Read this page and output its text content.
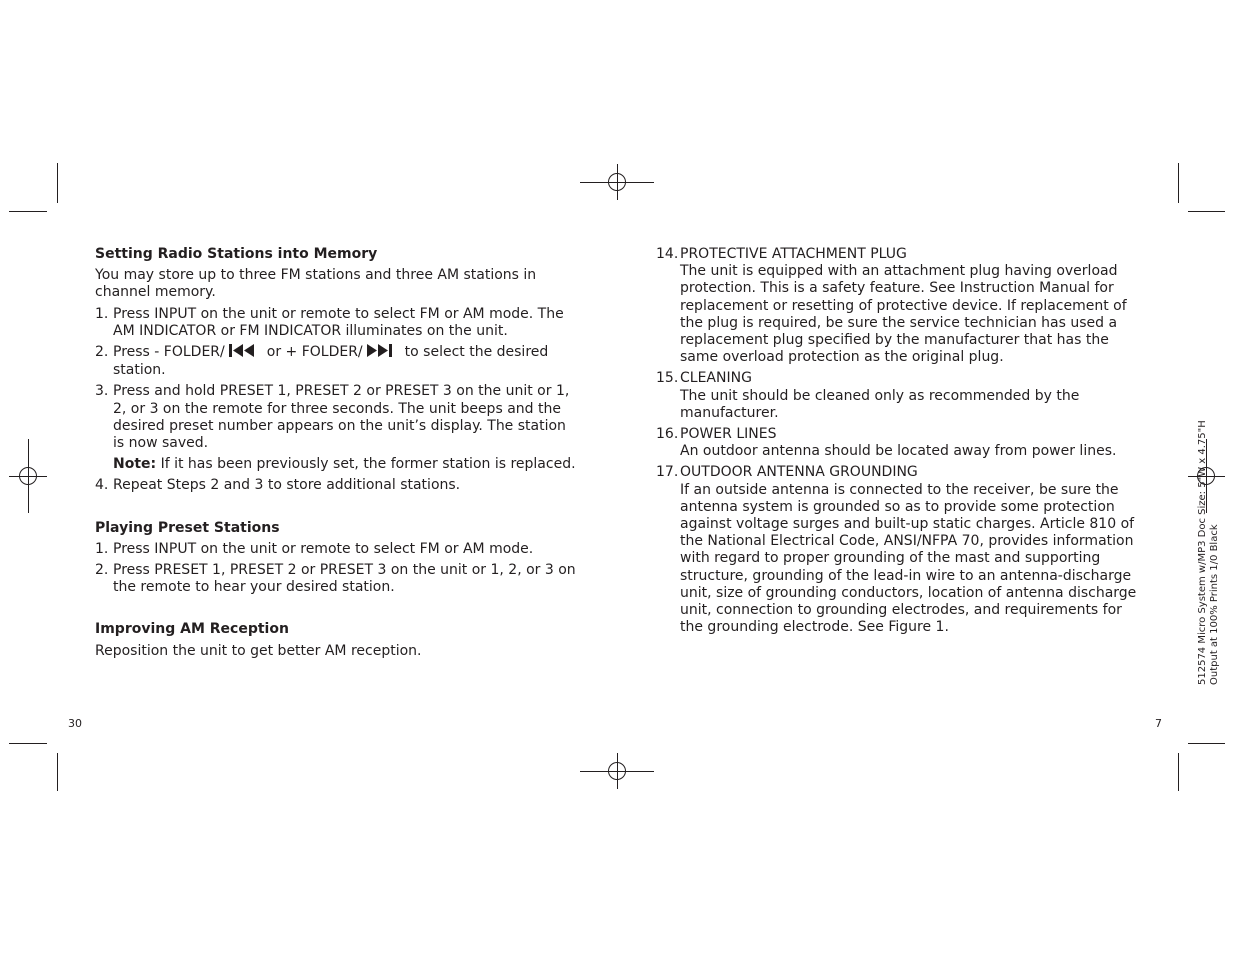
Setting Radio Stations into Memory

You may store up to three FM stations and three AM stations in channel memory.

1. Press INPUT on the unit or remote to select FM or AM mode. The AM INDICATOR or FM INDICATOR illuminates on the unit.
2. Press - FOLDER/	or + FOLDER/	to select the desired station.
3. Press and hold PRESET 1, PRESET 2 or PRESET 3 on the unit or 1, 2, or 3 on the remote for three seconds. The unit beeps and the desired preset number appears on the unit’s display. The station is now saved.
Note: If it has been previously set, the former station is replaced.
4. Repeat Steps 2 and 3 to store additional stations.

Playing Preset Stations

1. Press INPUT on the unit or remote to select FM or AM mode.
2. Press PRESET 1, PRESET 2 or PRESET 3 on the unit or 1, 2, or 3 on the remote to hear your desired station.

Improving AM Reception

Reposition the unit to get better AM reception.

14. PROTECTIVE ATTACHMENT PLUG
The unit is equipped with an attachment plug having overload protection. This is a safety feature. See Instruction Manual for replacement or resetting of protective device. If replacement of the plug is required, be sure the service technician has used a replacement plug specified by the manufacturer that has the same overload protection as the original plug.
15. CLEANING
The unit should be cleaned only as recommended by the manufacturer.
16. POWER LINES
An outdoor antenna should be located away from power lines.
17. OUTDOOR ANTENNA GROUNDING
If an outside antenna is connected to the receiver, be sure the antenna system is grounded so as to provide some protection against voltage surges and built-up static charges. Article 810 of the National Electrical Code, ANSI/NFPA 70, provides information with regard to proper grounding of the mast and supporting structure, grounding of the lead-in wire to an antenna-discharge unit, size of grounding conductors, location of antenna discharge unit, connection to grounding electrodes, and requirements for the grounding electrode. See Figure 1.
30	7
512574 Micro System w/MP3 Doc Size: 5"W x 4.75"H Output at 100% Prints 1/0 Black
